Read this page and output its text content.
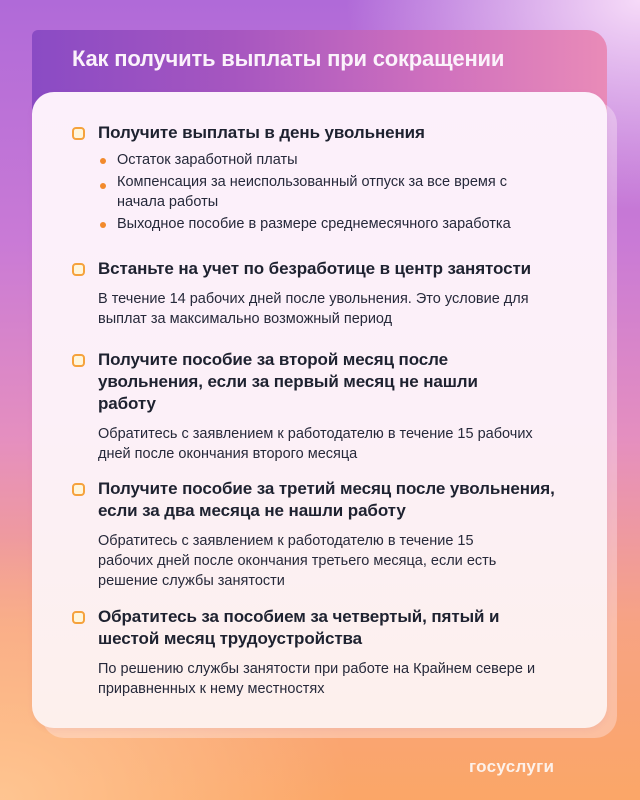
Как получить выплаты при сокращении
Получите выплаты в день увольнения
Остаток заработной платы
Компенсация за неиспользованный отпуск за все время с начала работы
Выходное пособие в размере среднемесячного заработка
Встаньте на учет по безработице в центр занятости
В течение 14 рабочих дней после увольнения. Это условие для выплат за максимально возможный период
Получите пособие за второй месяц после увольнения, если за первый месяц не нашли работу
Обратитесь с заявлением к работодателю в течение 15 рабочих дней после окончания второго месяца
Получите пособие за третий месяц после увольнения, если за два месяца не нашли работу
Обратитесь с заявлением к работодателю в течение 15 рабочих дней после окончания третьего месяца, если есть решение службы занятости
Обратитесь за пособием за четвертый, пятый и шестой месяц трудоустройства
По решению службы занятости при работе на Крайнем севере и приравненных к нему местностях
госуслуги
